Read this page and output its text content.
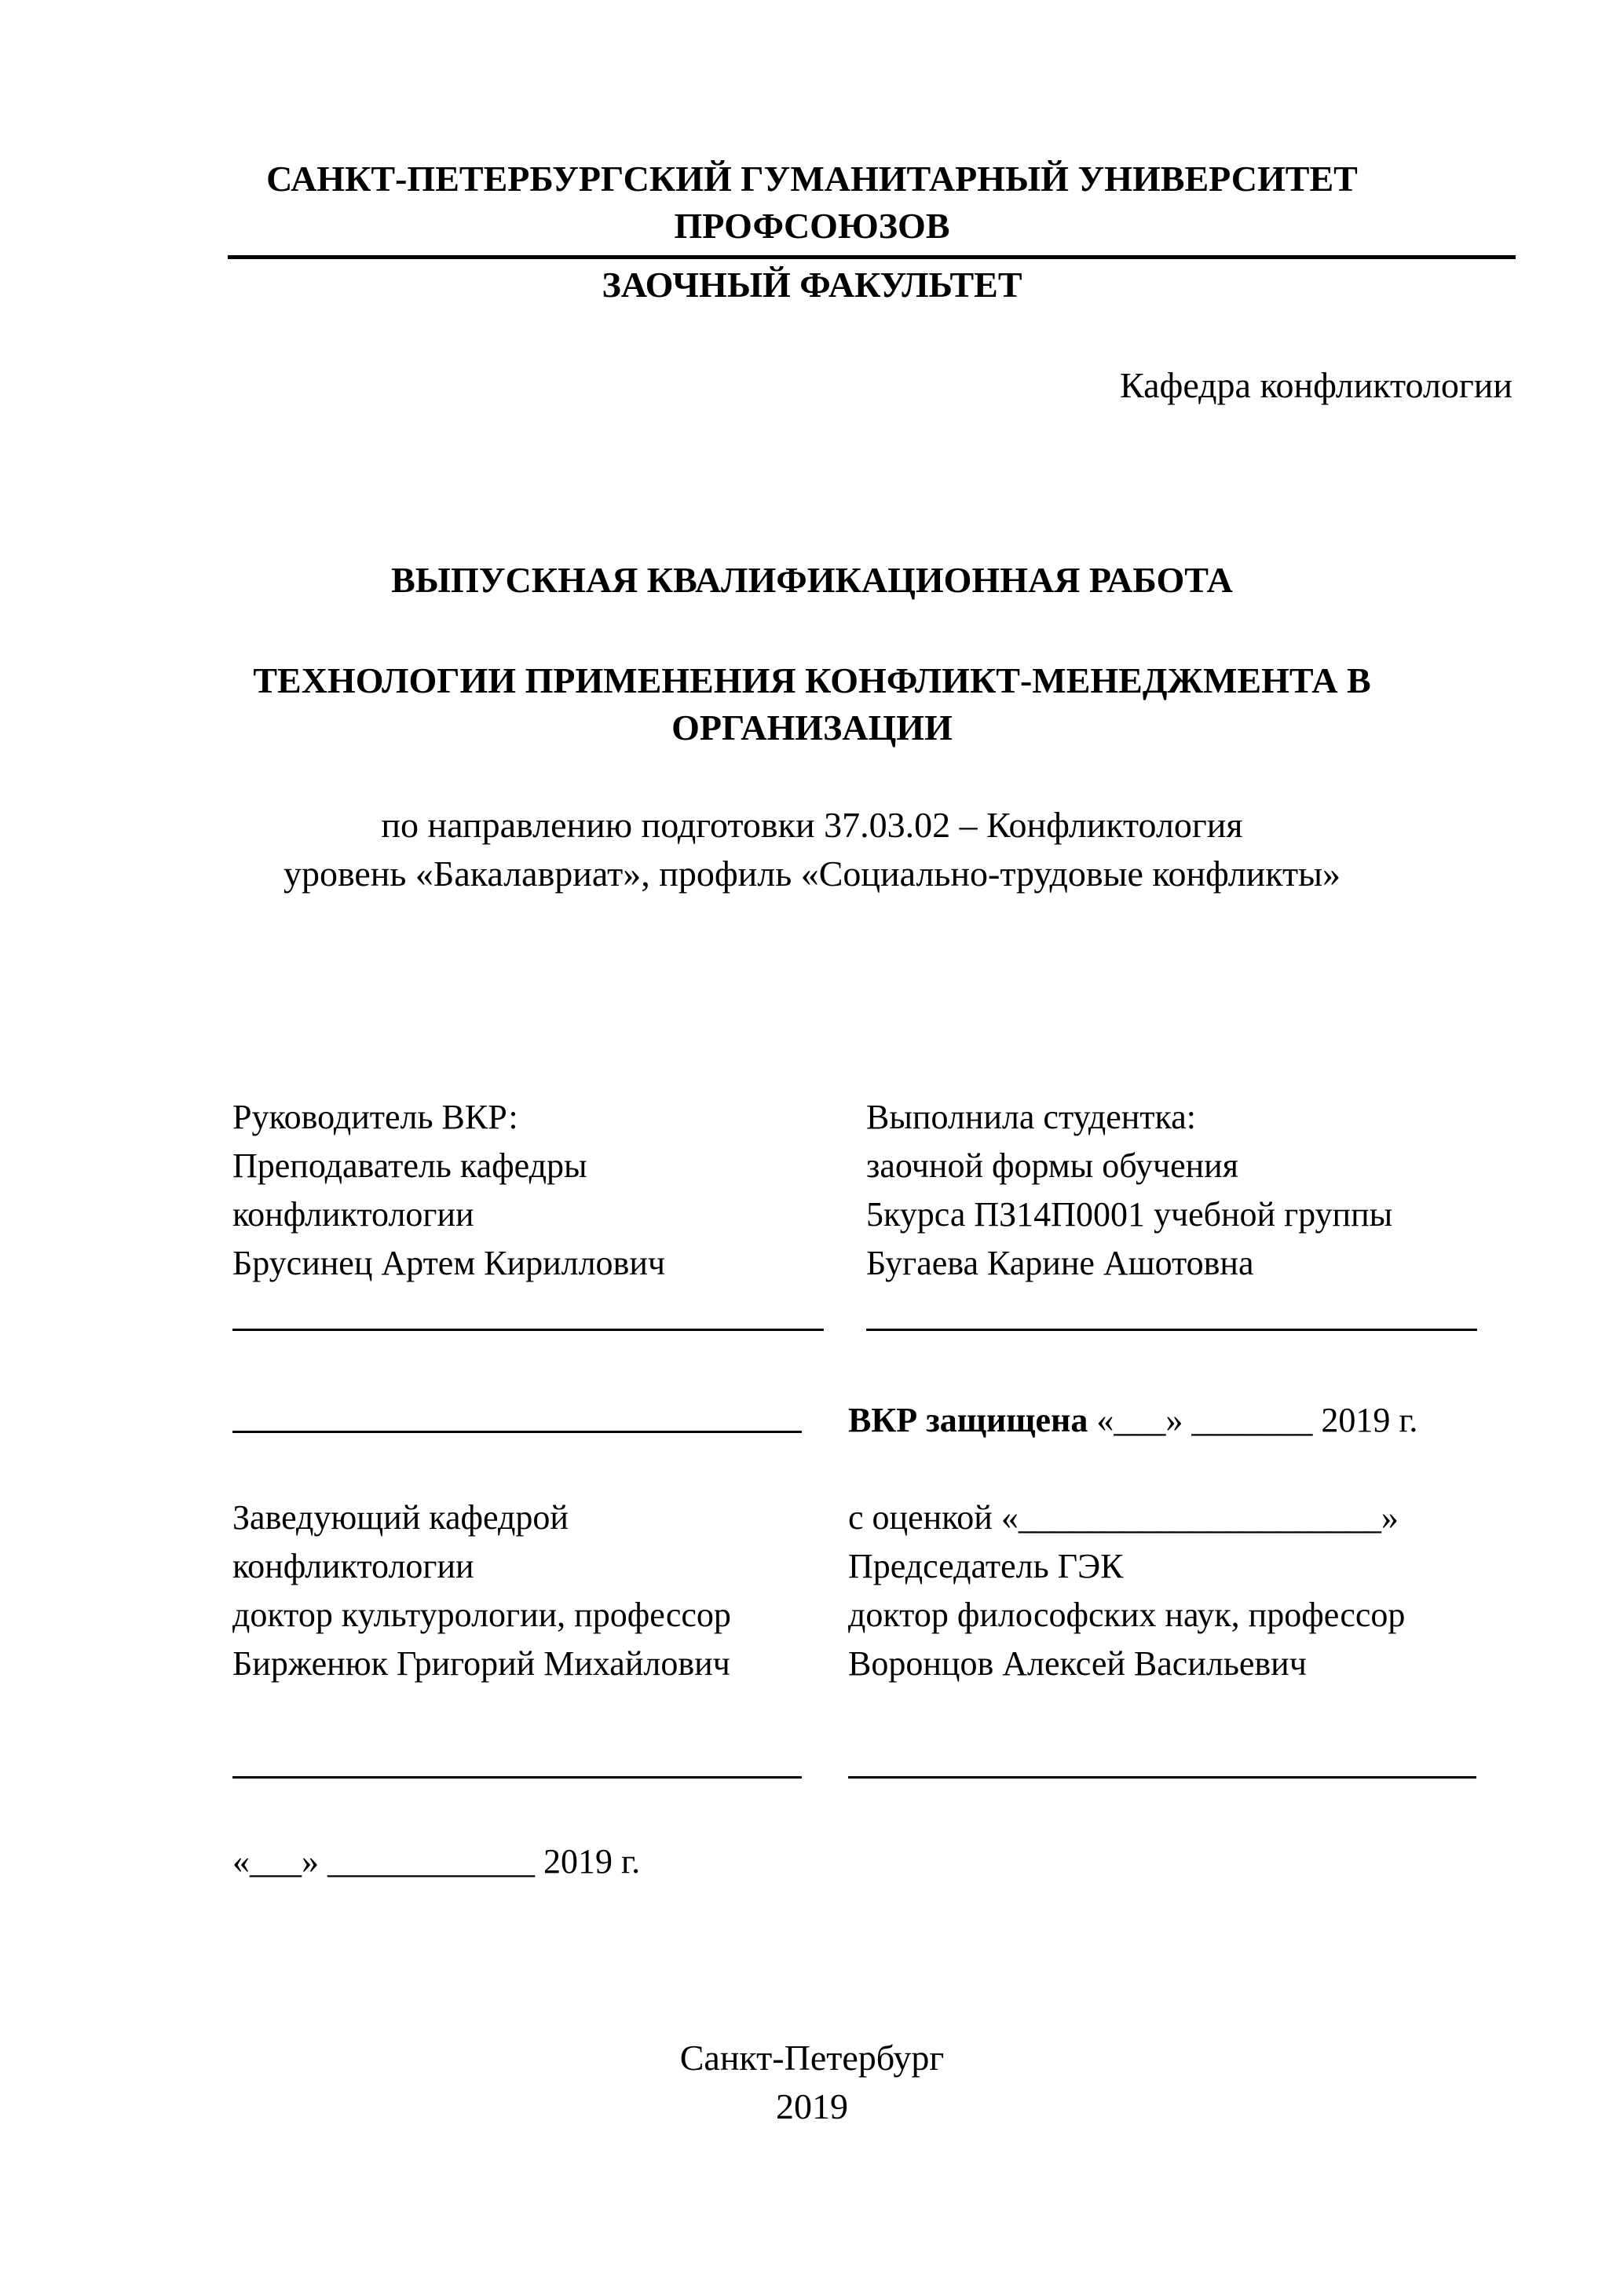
САНКТ-ПЕТЕРБУРГСКИЙ ГУМАНИТАРНЫЙ УНИВЕРСИТЕТ
ПРОФСОЮЗОВ
ЗАОЧНЫЙ ФАКУЛЬТЕТ
Кафедра конфликтологии
ВЫПУСКНАЯ КВАЛИФИКАЦИОННАЯ РАБОТА
ТЕХНОЛОГИИ ПРИМЕНЕНИЯ КОНФЛИКТ-МЕНЕДЖМЕНТА В
ОРГАНИЗАЦИИ
по направлению подготовки 37.03.02 – Конфликтология
уровень «Бакалавриат», профиль «Социально-трудовые конфликты»
Руководитель ВКР:
Преподаватель кафедры
конфликтологии
Брусинец Артем Кириллович
Выполнила студентка:
заочной формы обучения
5курса ПЗ14П0001 учебной группы
Бугаева Карине Ашотовна
ВКР защищена «___» _______ 2019 г.
Заведующий кафедрой
конфликтологии
доктор культурологии, профессор
Бирженюк Григорий Михайлович
с оценкой «_____________________»
Председатель ГЭК
доктор философских наук, профессор
Воронцов Алексей Васильевич
«___» ____________ 2019 г.
Санкт-Петербург
2019
